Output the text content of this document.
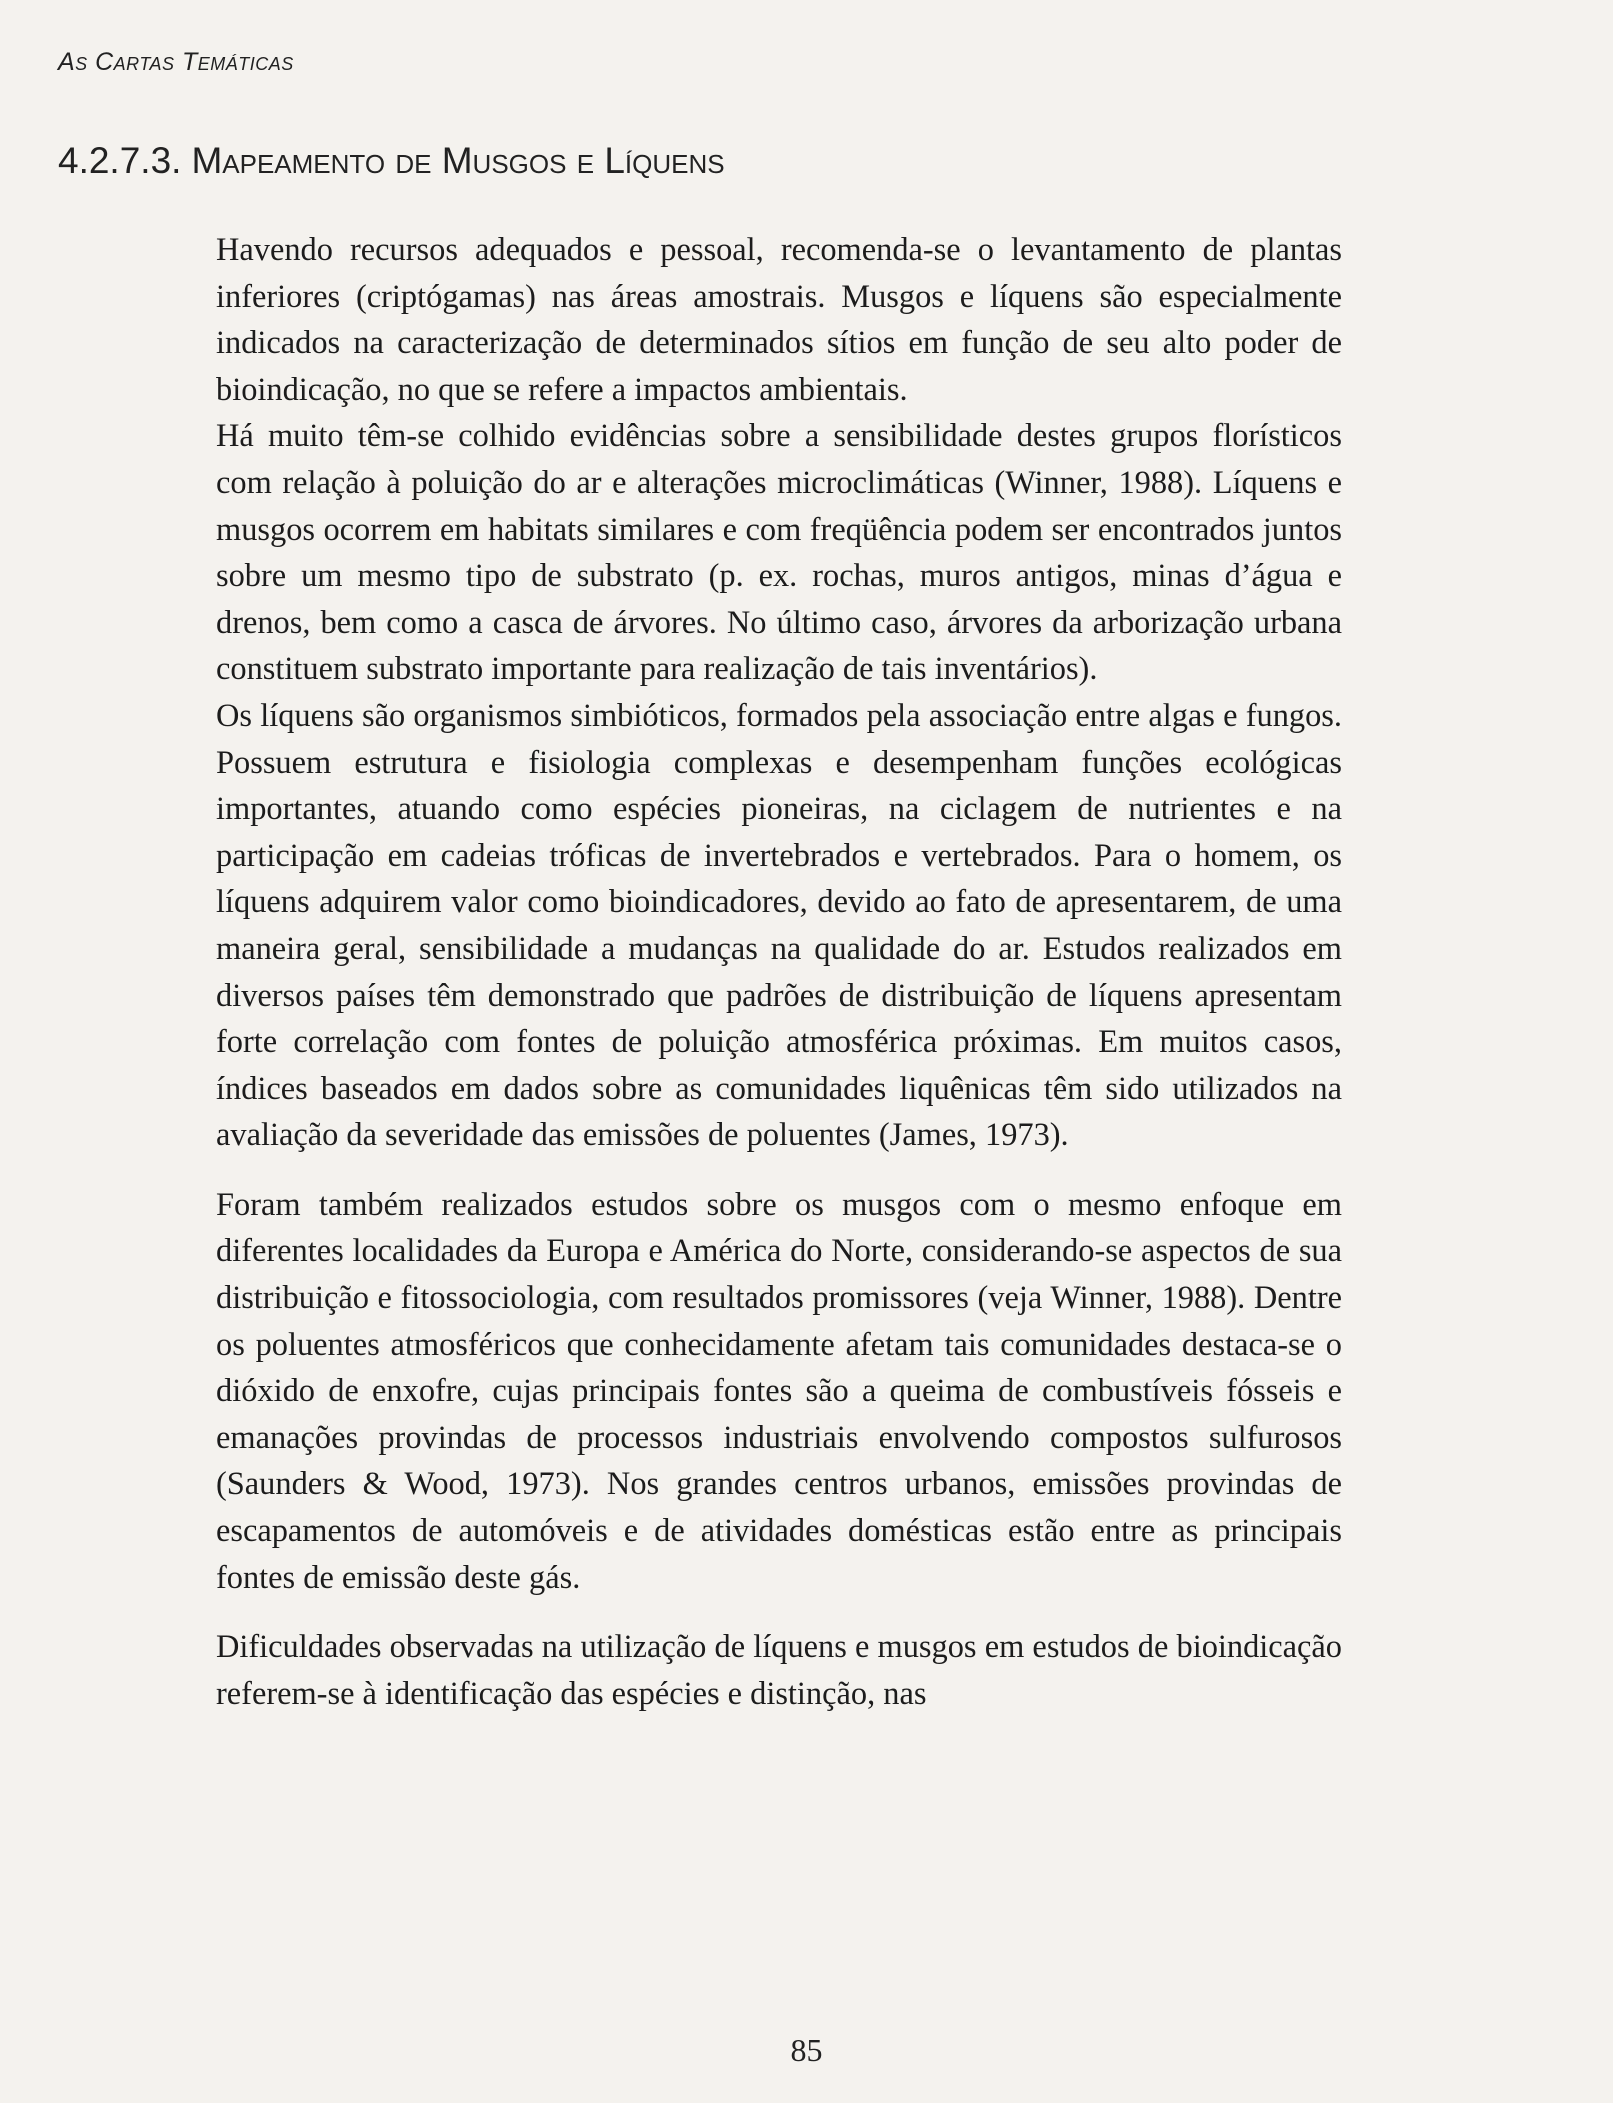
As Cartas Temáticas
4.2.7.3. Mapeamento de Musgos e Líquens

Havendo recursos adequados e pessoal, recomenda-se o levantamento de plantas inferiores (criptógamas) nas áreas amostrais. Musgos e líquens são especialmente indicados na caracterização de determinados sítios em função de seu alto poder de bioindicação, no que se refere a impactos ambientais.

Há muito têm-se colhido evidências sobre a sensibilidade destes grupos florísticos com relação à poluição do ar e alterações microclimáticas (Winner, 1988). Líquens e musgos ocorrem em habitats similares e com freqüência podem ser encontrados juntos sobre um mesmo tipo de substrato (p. ex. rochas, muros antigos, minas d’água e drenos, bem como a casca de árvores. No último caso, árvores da arborização urbana constituem substrato importante para realização de tais inventários).

Os líquens são organismos simbióticos, formados pela associação entre algas e fungos. Possuem estrutura e fisiologia complexas e desempenham funções ecológicas importantes, atuando como espécies pioneiras, na ciclagem de nutrientes e na participação em cadeias tróficas de invertebrados e vertebrados. Para o homem, os líquens adquirem valor como bioindicadores, devido ao fato de apresentarem, de uma maneira geral, sensibilidade a mudanças na qualidade do ar. Estudos realizados em diversos países têm demonstrado que padrões de distribuição de líquens apresentam forte correlação com fontes de poluição atmosférica próximas. Em muitos casos, índices baseados em dados sobre as comunidades liquênicas têm sido utilizados na avaliação da severidade das emissões de poluentes (James, 1973).

Foram também realizados estudos sobre os musgos com o mesmo enfoque em diferentes localidades da Europa e América do Norte, considerando-se aspectos de sua distribuição e fitossociologia, com resultados promissores (veja Winner, 1988). Dentre os poluentes atmosféricos que conhecidamente afetam tais comunidades destaca-se o dióxido de enxofre, cujas principais fontes são a queima de combustíveis fósseis e emanações provindas de processos industriais envolvendo compostos sulfurosos (Saunders & Wood, 1973). Nos grandes centros urbanos, emissões provindas de escapamentos de automóveis e de atividades domésticas estão entre as principais fontes de emissão deste gás.

Dificuldades observadas na utilização de líquens e musgos em estudos de bioindicação referem-se à identificação das espécies e distinção, nas

85
